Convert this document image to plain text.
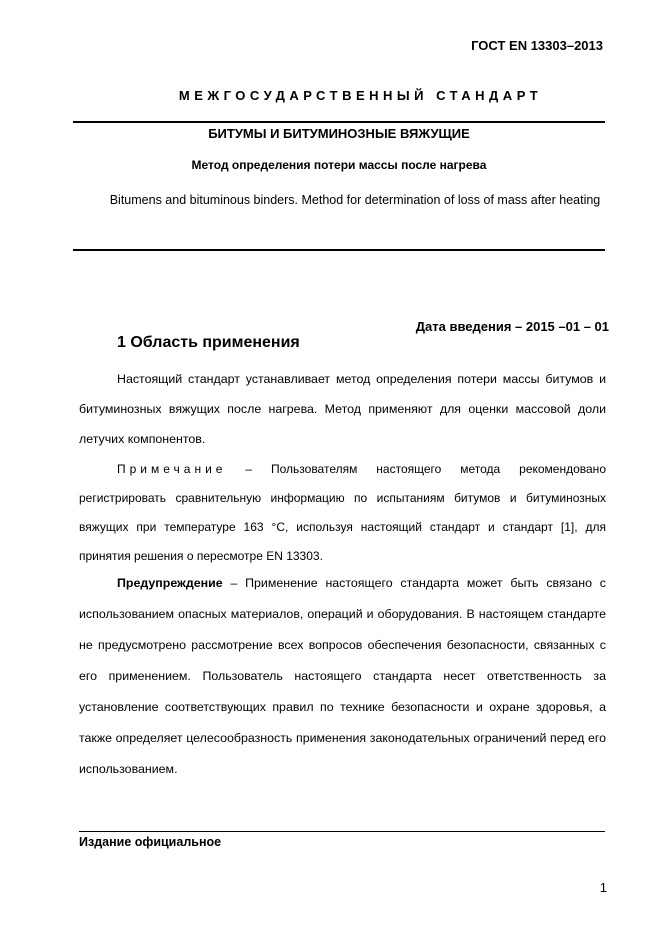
ГОСТ EN 13303–2013
МЕЖГОСУДАРСТВЕННЫЙ СТАНДАРТ
БИТУМЫ И БИТУМИНОЗНЫЕ ВЯЖУЩИЕ
Метод определения потери массы после нагрева
Bitumens and bituminous binders. Method for determination of loss of mass after heating
Дата введения – 2015 –01 – 01
1 Область применения

Настоящий стандарт устанавливает метод определения потери массы битумов и битуминозных вяжущих после нагрева. Метод применяют для оценки массовой доли летучих компонентов.

Примечание – Пользователям настоящего метода рекомендовано регистрировать сравнительную информацию по испытаниям битумов и битуминозных вяжущих при температуре 163 °С, используя настоящий стандарт и стандарт [1], для принятия решения о пересмотре EN 13303.

Предупреждение – Применение настоящего стандарта может быть связано с использованием опасных материалов, операций и оборудования. В настоящем стандарте не предусмотрено рассмотрение всех вопросов обеспечения безопасности, связанных с его применением. Пользователь настоящего стандарта несет ответственность за установление соответствующих правил по технике безопасности и охране здоровья, а также определяет целесообразность применения законодательных ограничений перед его использованием.

Издание официальное
1
